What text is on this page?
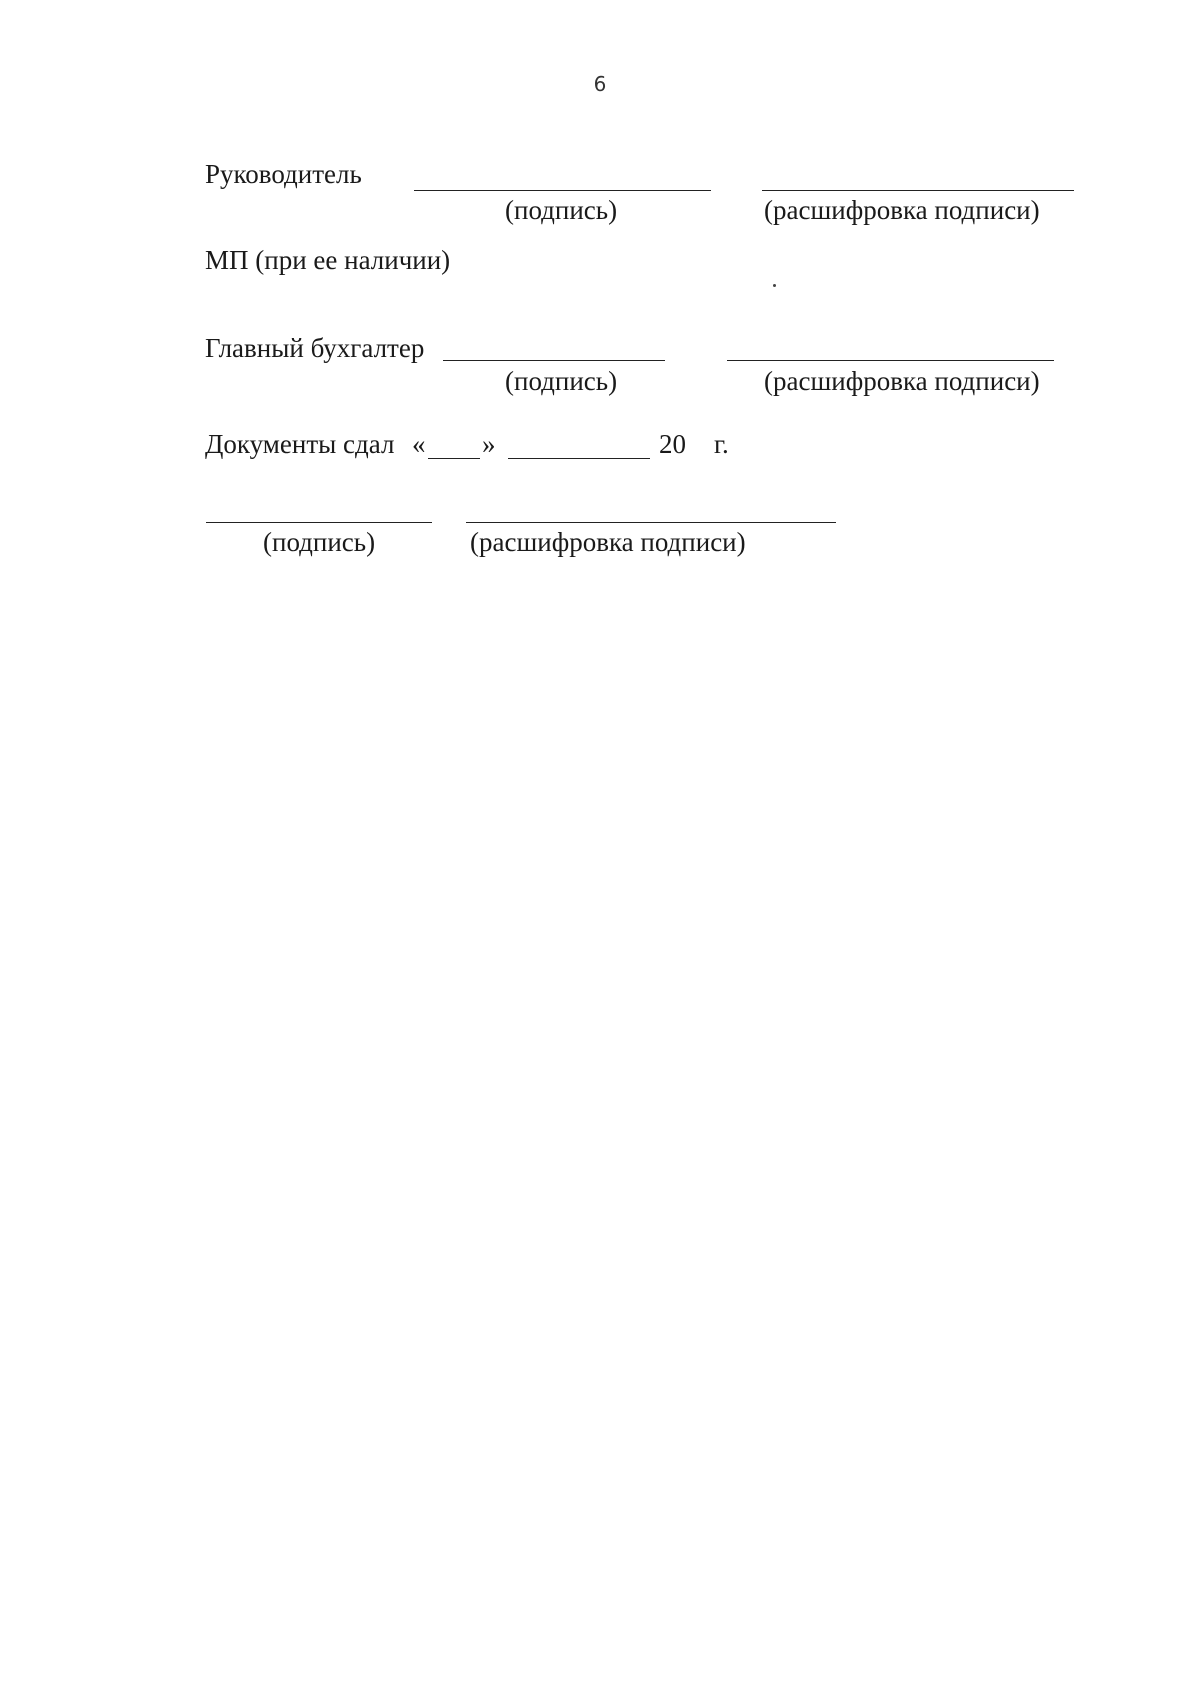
6
Руководитель
(подпись)	(расшифровка подписи)
МП (при ее наличии)
Главный бухгалтер
(подпись)	(расшифровка подписи)
Документы сдал « »	20 г.
(подпись)	(расшифровка подписи)
